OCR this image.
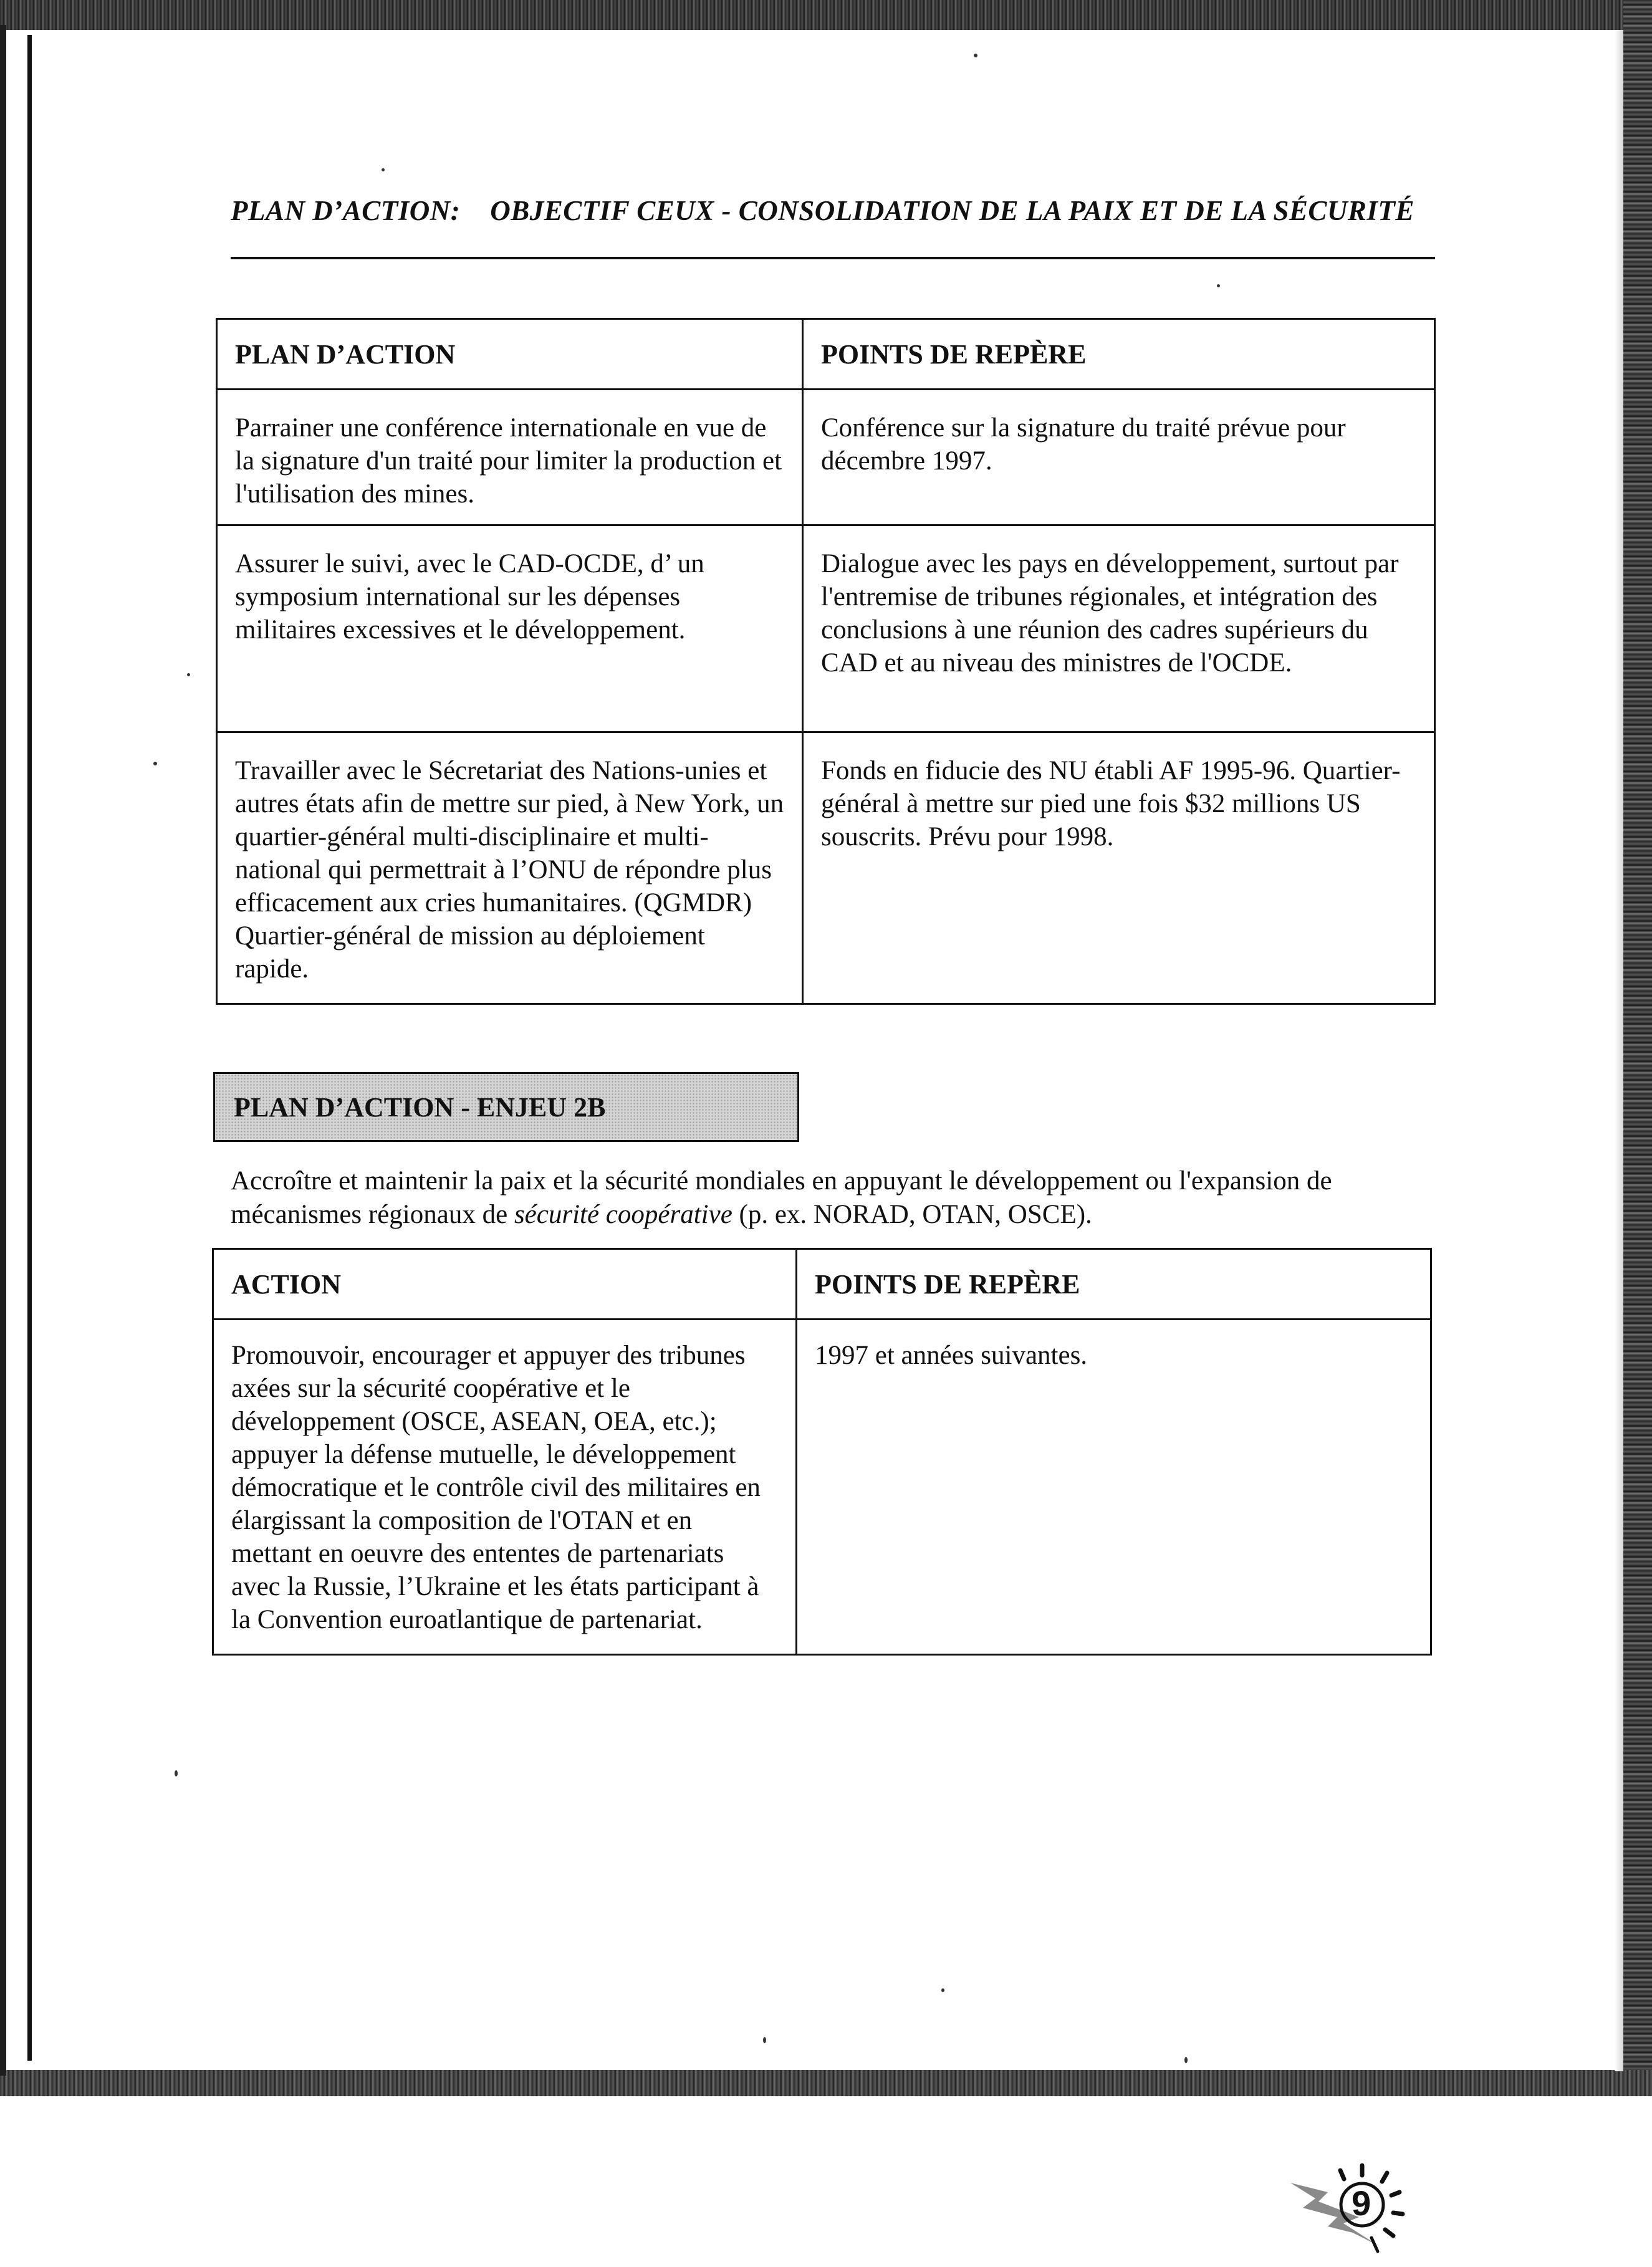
PLAN D’ACTION: OBJECTIF CEUX - CONSOLIDATION DE LA PAIX ET DE LA SÉCURITÉ
PLAN D’ACTION	POINTS DE REPÈRE
Parrainer une conférence internationale en vue de la signature d'un traité pour limiter la production et l'utilisation des mines.	Conférence sur la signature du traité prévue pour décembre 1997.
Assurer le suivi, avec le CAD-OCDE, d’ un symposium international sur les dépenses militaires excessives et le développement.	Dialogue avec les pays en développement, surtout par l'entremise de tribunes régionales, et intégration des conclusions à une réunion des cadres supérieurs du CAD et au niveau des ministres de l'OCDE.
Travailler avec le Sécretariat des Nations-unies et autres états afin de mettre sur pied, à New York, un quartier-général multi-disciplinaire et multi-national qui permettrait à l’ONU de répondre plus efficacement aux cries humanitaires. (QGMDR) Quartier-général de mission au déploiement rapide.	Fonds en fiducie des NU établi AF 1995-96. Quartier-général à mettre sur pied une fois $32 millions US souscrits. Prévu pour 1998.
PLAN D’ACTION - ENJEU 2B
Accroître et maintenir la paix et la sécurité mondiales en appuyant le développement ou l'expansion de mécanismes régionaux de sécurité coopérative (p. ex. NORAD, OTAN, OSCE).
ACTION	POINTS DE REPÈRE
Promouvoir, encourager et appuyer des tribunes axées sur la sécurité coopérative et le développement (OSCE, ASEAN, OEA, etc.); appuyer la défense mutuelle, le développement démocratique et le contrôle civil des militaires en élargissant la composition de l'OTAN et en mettant en oeuvre des ententes de partenariats avec la Russie, l’Ukraine et les états participant à la Convention euroatlantique de partenariat.	1997 et années suivantes.
9
